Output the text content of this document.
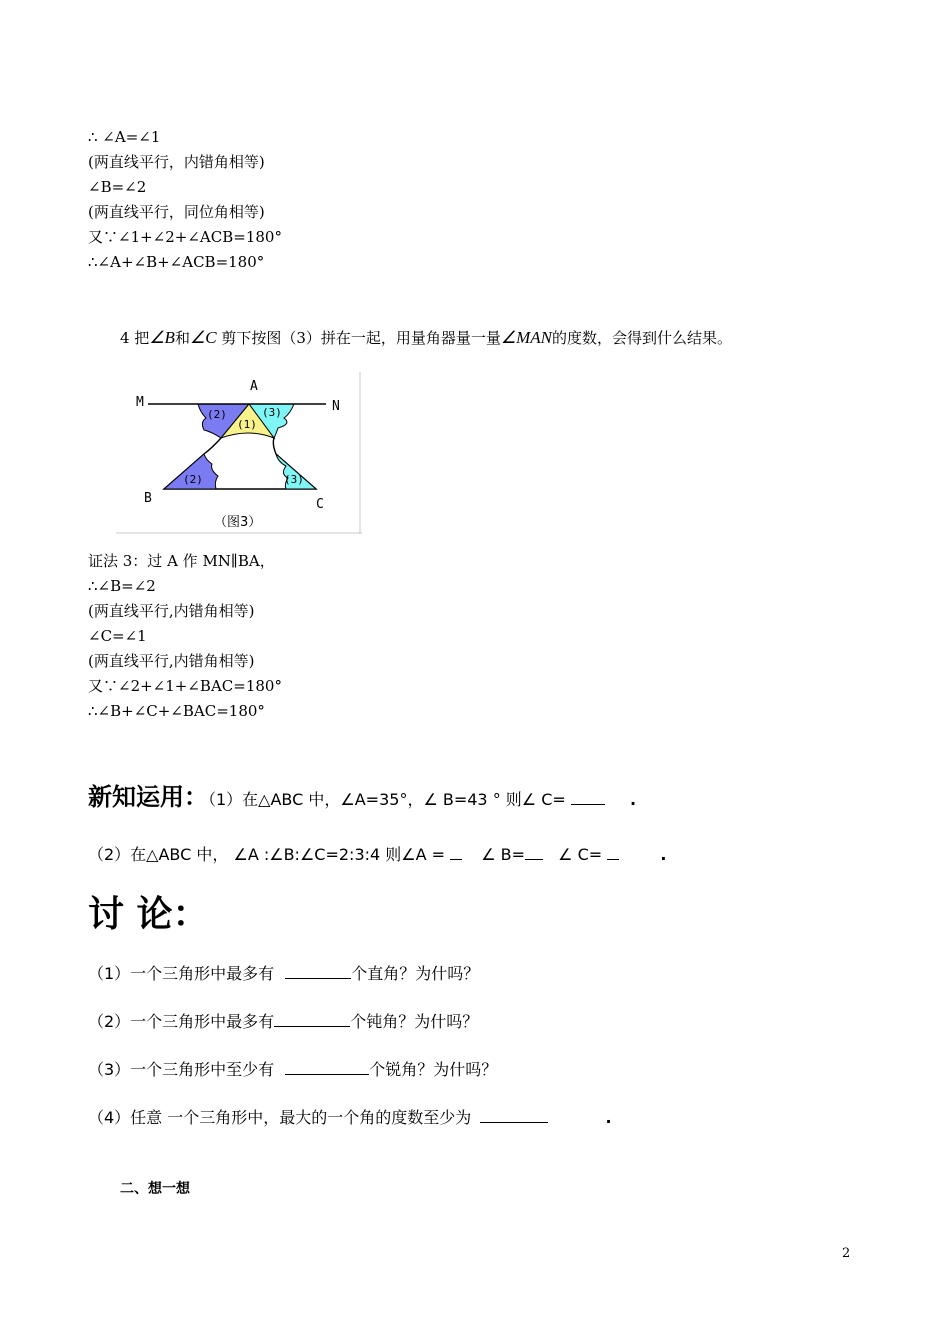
∴ ∠A=∠1
(两直线平行，内错角相等)
∠B=∠2
(两直线平行，同位角相等)
又∵∠1+∠2+∠ACB=180°
∴∠A+∠B+∠ACB=180°
4 把∠B和∠C 剪下按图（3）拼在一起，用量角器量一量∠MAN的度数，会得到什么结果。
M
A
N
B	C
(2)	(3)
(1)
(2)	(3)
（图3）
证法 3：过 A 作 MN∥BA，
∴∠B=∠2
(两直线平行,内错角相等)
∠C=∠1
(两直线平行,内错角相等)
又∵∠2+∠1+∠BAC=180°
∴∠B+∠C+∠BAC=180°
新知运用：（1）在△ABC 中，∠A=35°，∠ B=43 ° 则∠ C=	.
（2）在△ABC 中， ∠A :∠B:∠C=2:3:4 则∠A = ∠ B= ∠ C=	.
讨 论：
（1）一个三角形中最多有	个直角？为什吗？
（2）一个三角形中最多有	个钝角？为什吗？
（3）一个三角形中至少有	个锐角？为什吗？
（4）任意 一个三角形中，最大的一个角的度数至少为	.
二、想一想
2
